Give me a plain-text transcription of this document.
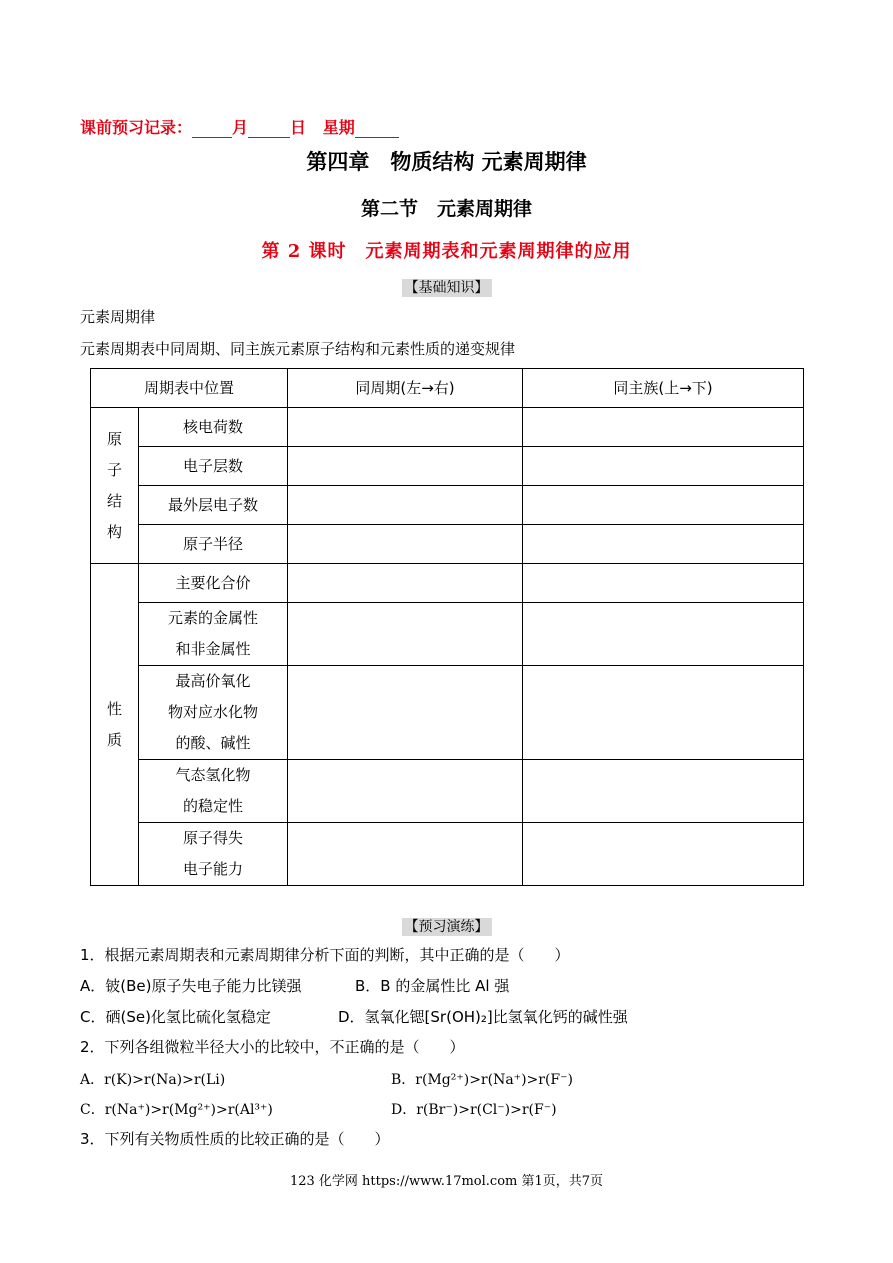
课前预习记录：	月	日 星期
第四章　物质结构 元素周期律
第二节　元素周期律
第 2 课时　元素周期表和元素周期律的应用
【基础知识】
元素周期律
元素周期表中同周期、同主族元素原子结构和元素性质的递变规律
周期表中位置		同周期(左→右)	同主族(上→下)

原
子
结
构	核电荷数		

	电子层数		

	最外层电子数		

	原子半径		

性
质	主要化合价		

	元素的金属性
和非金属性		

	最高价氧化
物对应水化物
的酸、碱性		

	气态氢化物
的稳定性		

	原子得失
电子能力		

【预习演练】
1．根据元素周期表和元素周期律分析下面的判断，其中正确的是（　　）
A．铍(Be)原子失电子能力比镁强	B．B 的金属性比 Al 强
C．硒(Se)化氢比硫化氢稳定	D．氢氧化锶[Sr(OH)₂]比氢氧化钙的碱性强
2．下列各组微粒半径大小的比较中，不正确的是（　　）
A．r(K)>r(Na)>r(Li)	B．r(Mg²⁺)>r(Na⁺)>r(F⁻)
C．r(Na⁺)>r(Mg²⁺)>r(Al³⁺)	D．r(Br⁻)>r(Cl⁻)>r(F⁻)
3．下列有关物质性质的比较正确的是（　　）
123 化学网 https://www.17mol.com 第1页，共7页
